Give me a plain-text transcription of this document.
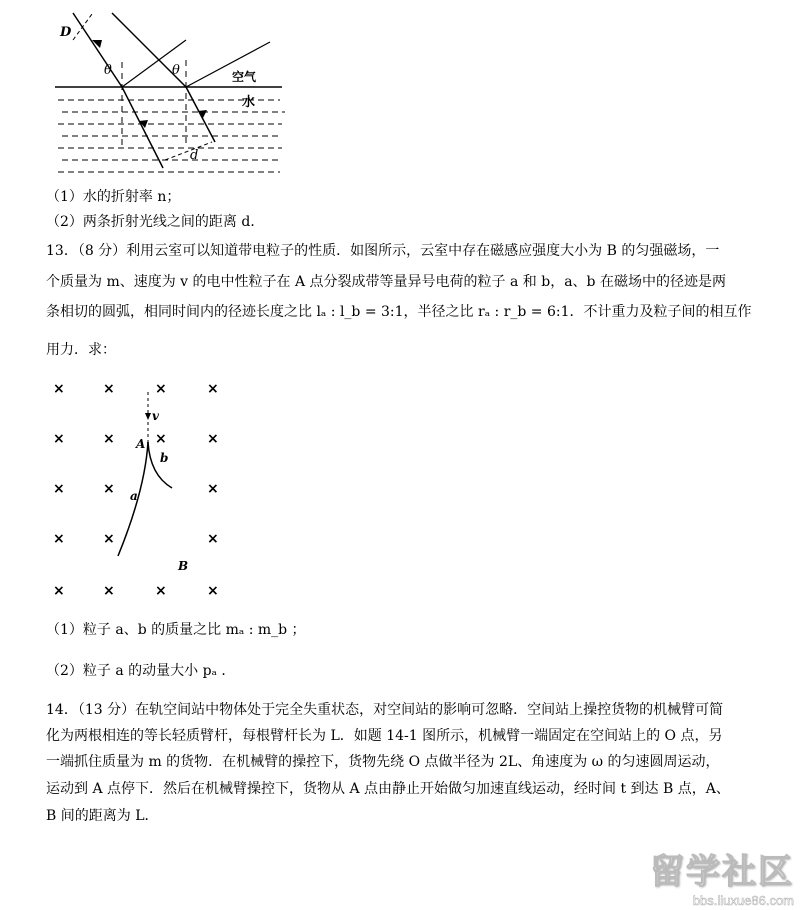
D
θ	θ	空气
水
d
（1）水的折射率 n；
（2）两条折射光线之间的距离 d．
13．（8 分）利用云室可以知道带电粒子的性质．如图所示，云室中存在磁感应强度大小为 B 的匀强磁场，一
个质量为 m、速度为 v 的电中性粒子在 A 点分裂成带等量异号电荷的粒子 a 和 b，a、b 在磁场中的径迹是两
条相切的圆弧，相同时间内的径迹长度之比 lₐ : l_b = 3:1，半径之比 rₐ : r_b = 6:1．不计重力及粒子间的相互作
用力．求：
×	×	×	×
×	×	×	×
×	×	×
×	×	×
×	×	×	×
v
A
b
a
B
（1）粒子 a、b 的质量之比 mₐ : m_b ；
（2）粒子 a 的动量大小 pₐ ．
14．（13 分）在轨空间站中物体处于完全失重状态，对空间站的影响可忽略．空间站上操控货物的机械臂可简
化为两根相连的等长轻质臂杆，每根臂杆长为 L．如题 14-1 图所示，机械臂一端固定在空间站上的 O 点，另
一端抓住质量为 m 的货物．在机械臂的操控下，货物先绕 O 点做半径为 2L、角速度为 ω 的匀速圆周运动，
运动到 A 点停下．然后在机械臂操控下，货物从 A 点由静止开始做匀加速直线运动，经时间 t 到达 B 点，A、
B 间的距离为 L．
留学社区
bbs.liuxue86.com
